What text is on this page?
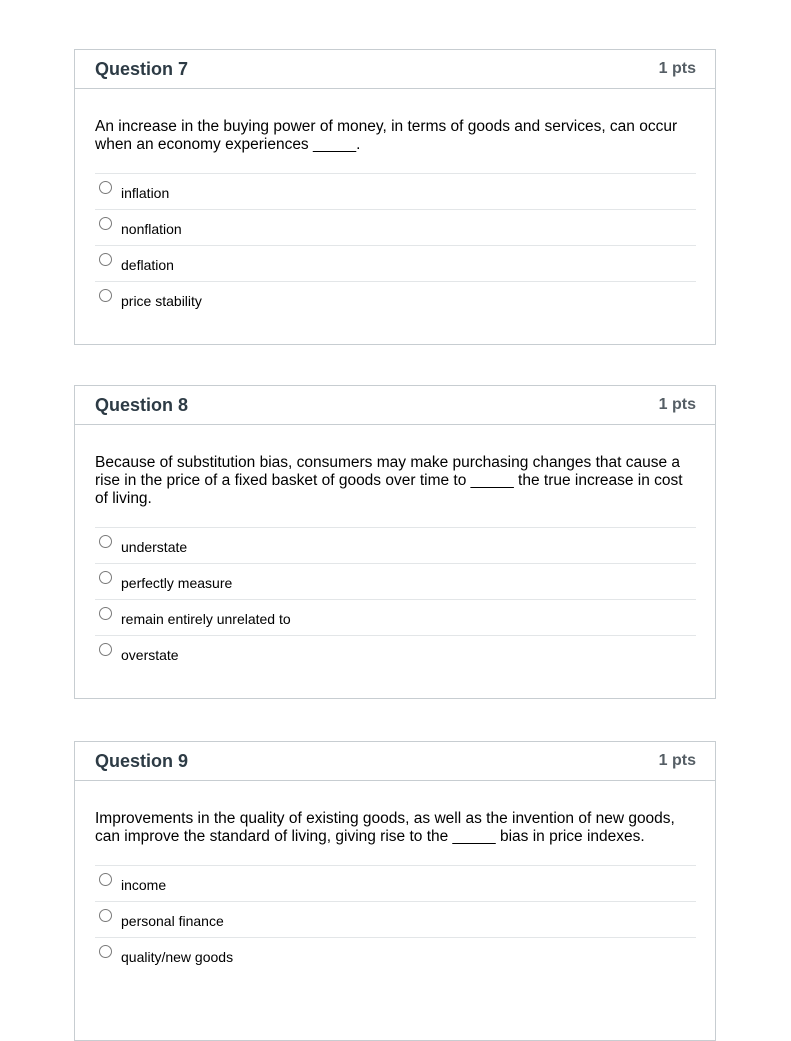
Question 7	1 pts
An increase in the buying power of money, in terms of goods and services, can occur when an economy experiences _____.
inflation
nonflation
deflation
price stability
Question 8	1 pts
Because of substitution bias, consumers may make purchasing changes that cause a rise in the price of a fixed basket of goods over time to _____ the true increase in cost of living.
understate
perfectly measure
remain entirely unrelated to
overstate
Question 9	1 pts
Improvements in the quality of existing goods, as well as the invention of new goods, can improve the standard of living, giving rise to the _____ bias in price indexes.
income
personal finance
quality/new goods
